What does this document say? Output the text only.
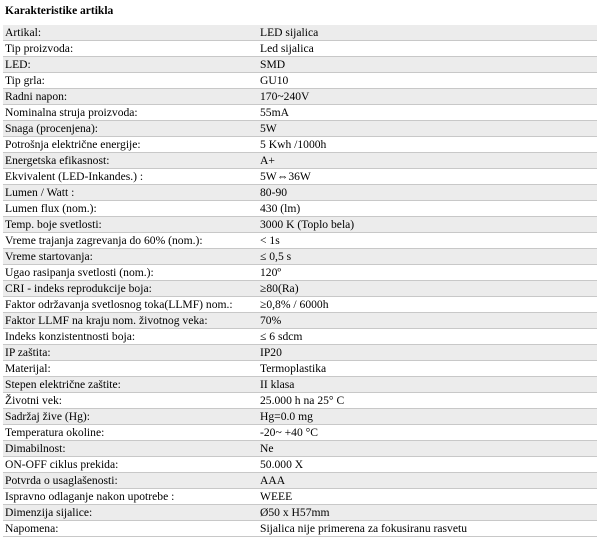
Karakteristike artikla
Artikal:	LED sijalica
Tip proizvoda:	Led sijalica
LED:	SMD
Tip grla:	GU10
Radni napon:	170~240V
Nominalna struja proizvoda:	55mA
Snaga (procenjena):	5W
Potrošnja električne energije:	5 Kwh /1000h
Energetska efikasnost:	A+
Ekvivalent (LED-Inkandes.) :	5W⇔36W
Lumen / Watt :	80-90
Lumen flux (nom.):	430 (lm)
Temp. boje svetlosti:	3000 K (Toplo bela)
Vreme trajanja zagrevanja do 60% (nom.):	< 1s
Vreme startovanja:	≤ 0,5 s
Ugao rasipanja svetlosti (nom.):	120º
CRI - indeks reprodukcije boja:	≥80(Ra)
Faktor održavanja svetlosnog toka(LLMF) nom.:	≥0,8% / 6000h
Faktor LLMF na kraju nom. životnog veka:	70%
Indeks konzistentnosti boja:	≤ 6 sdcm
IP zaštita:	IP20
Materijal:	Termoplastika
Stepen električne zaštite:	II klasa
Životni vek:	25.000 h na 25° C
Sadržaj žive (Hg):	Hg=0.0 mg
Temperatura okoline:	-20~ +40 °C
Dimabilnost:	Ne
ON-OFF ciklus prekida:	50.000 X
Potvrda o usaglašenosti:	AAA
Ispravno odlaganje nakon upotrebe :	WEEE
Dimenzija sijalice:	Ø50 x H57mm
Napomena:	Sijalica nije primerena za fokusiranu rasvetu
